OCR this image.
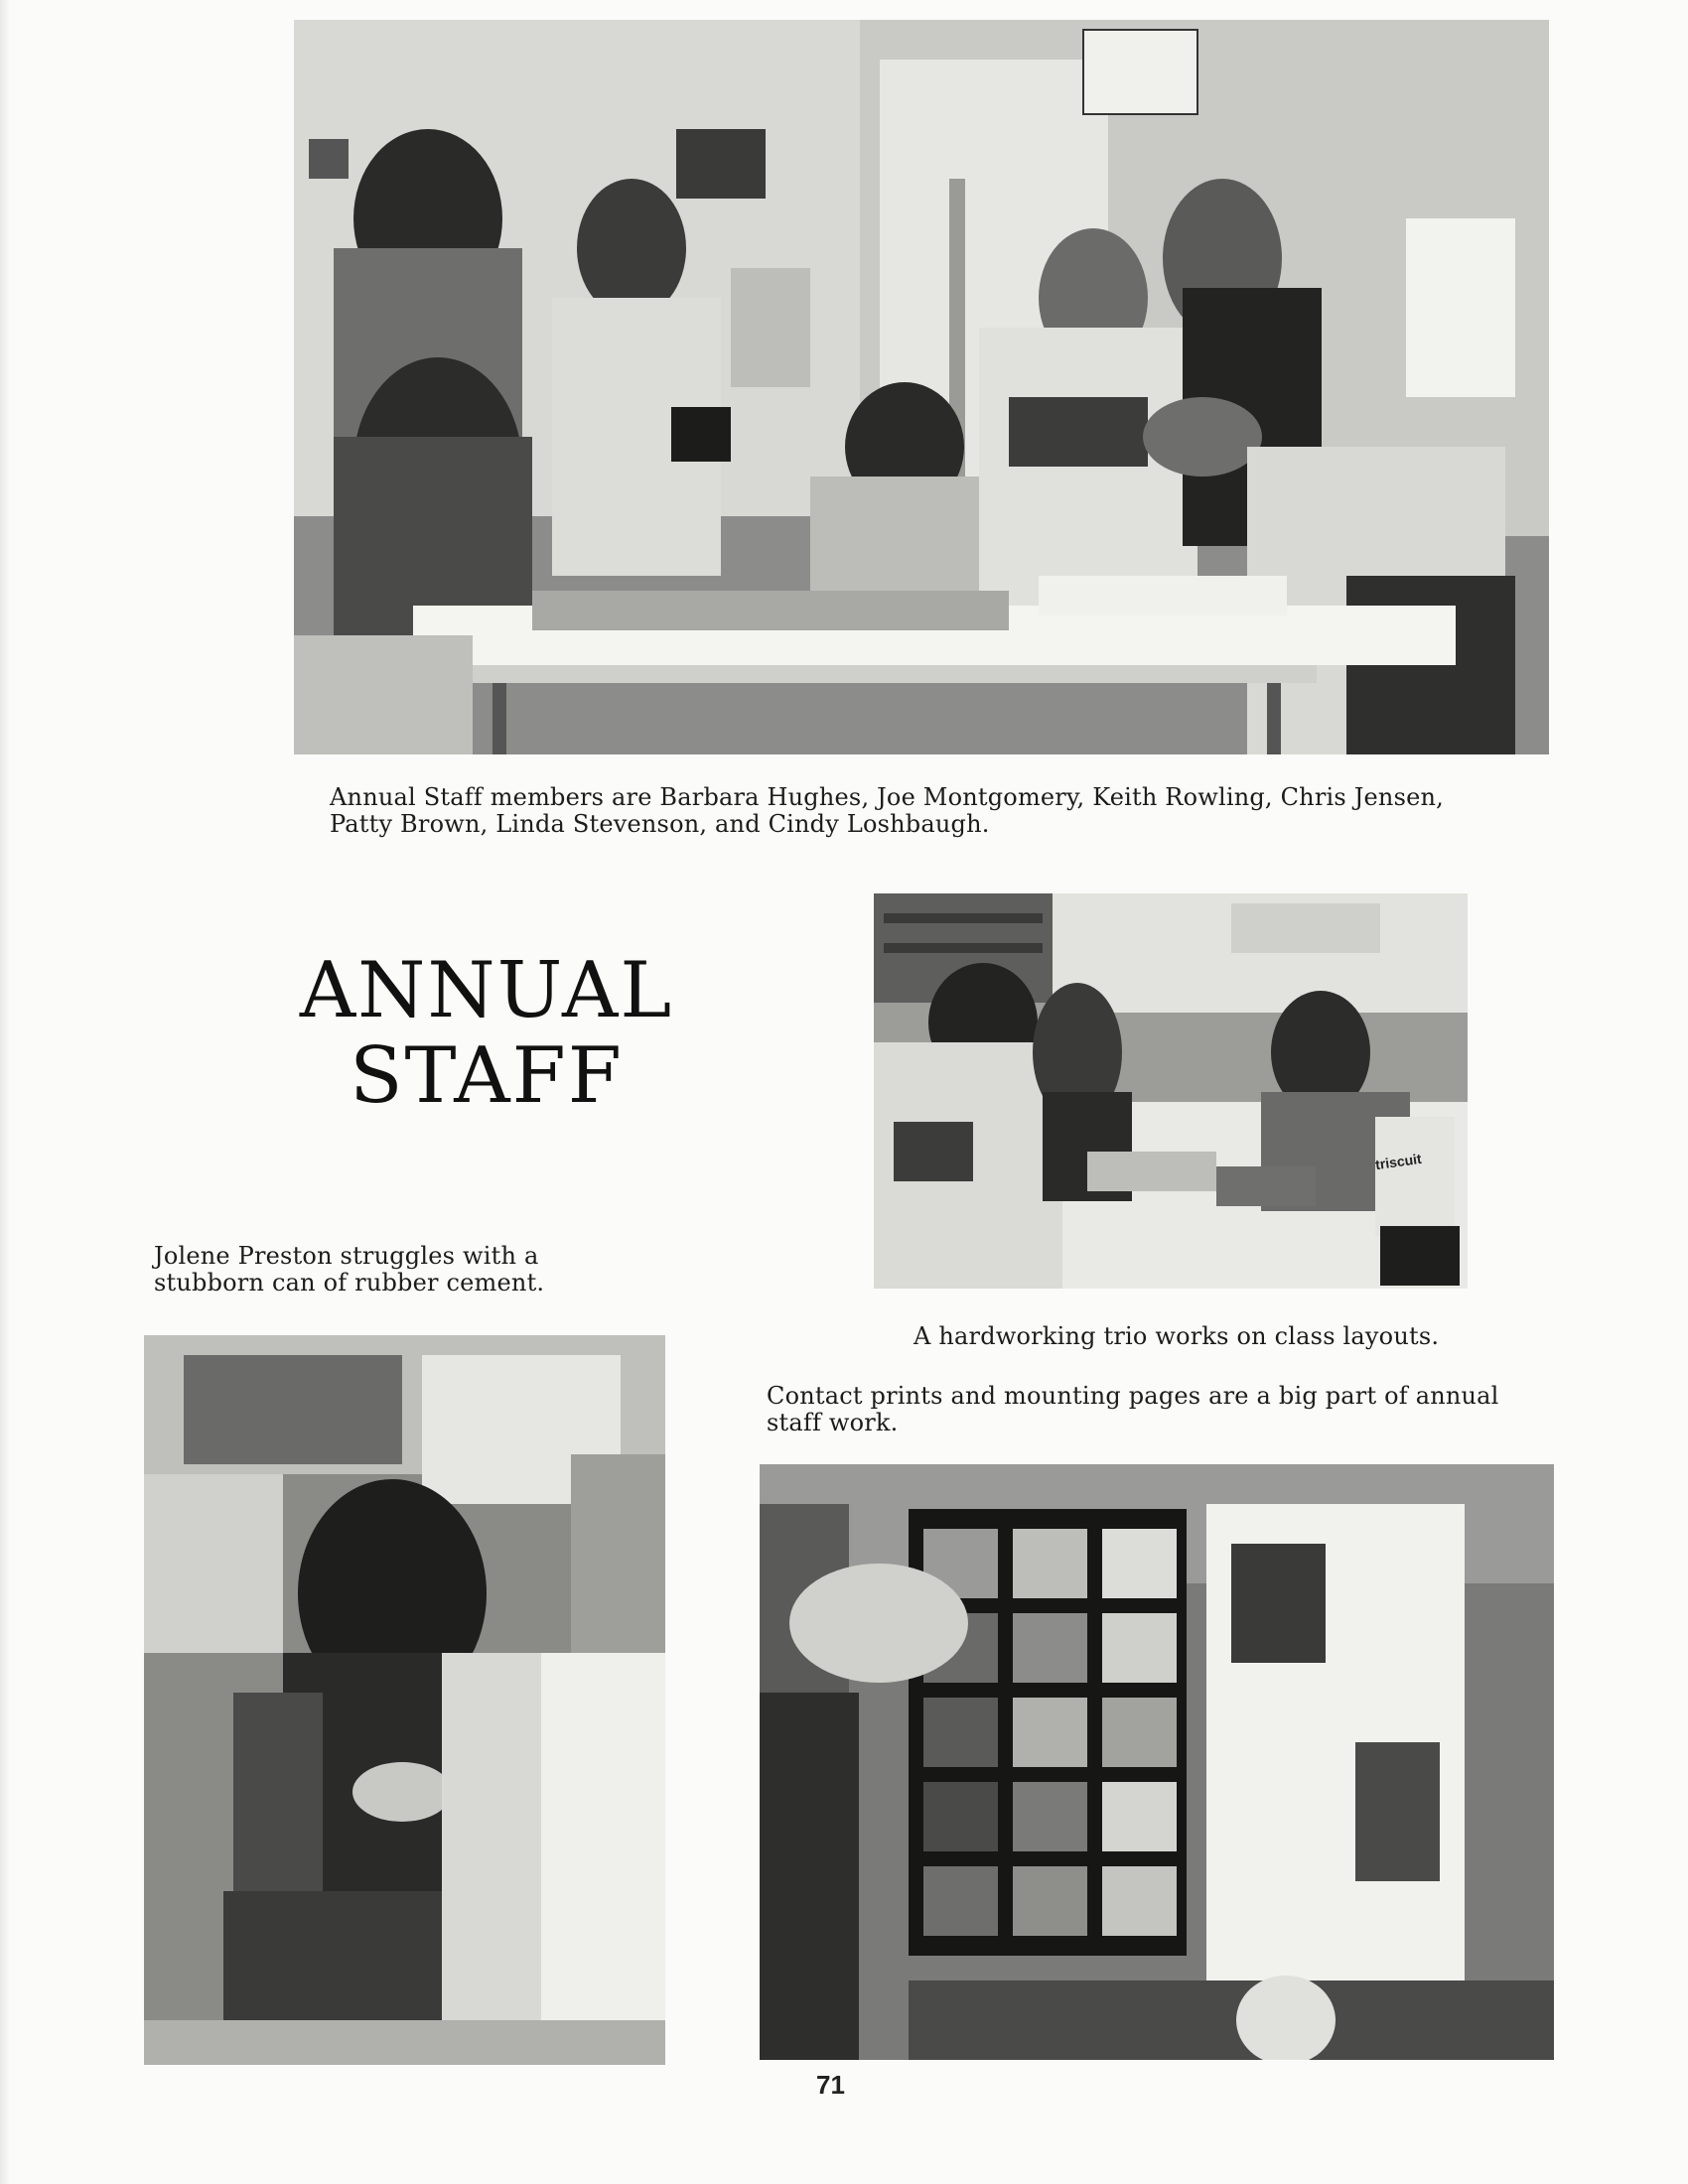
Annual Staff members are Barbara Hughes, Joe Montgomery, Keith Rowling, Chris Jensen, Patty Brown, Linda Stevenson, and Cindy Loshbaugh.
ANNUAL
STAFF
triscuit
Jolene Preston struggles with a stubborn can of rubber cement.
A hardworking trio works on class layouts.
Contact prints and mounting pages are a big part of annual staff work.
71
